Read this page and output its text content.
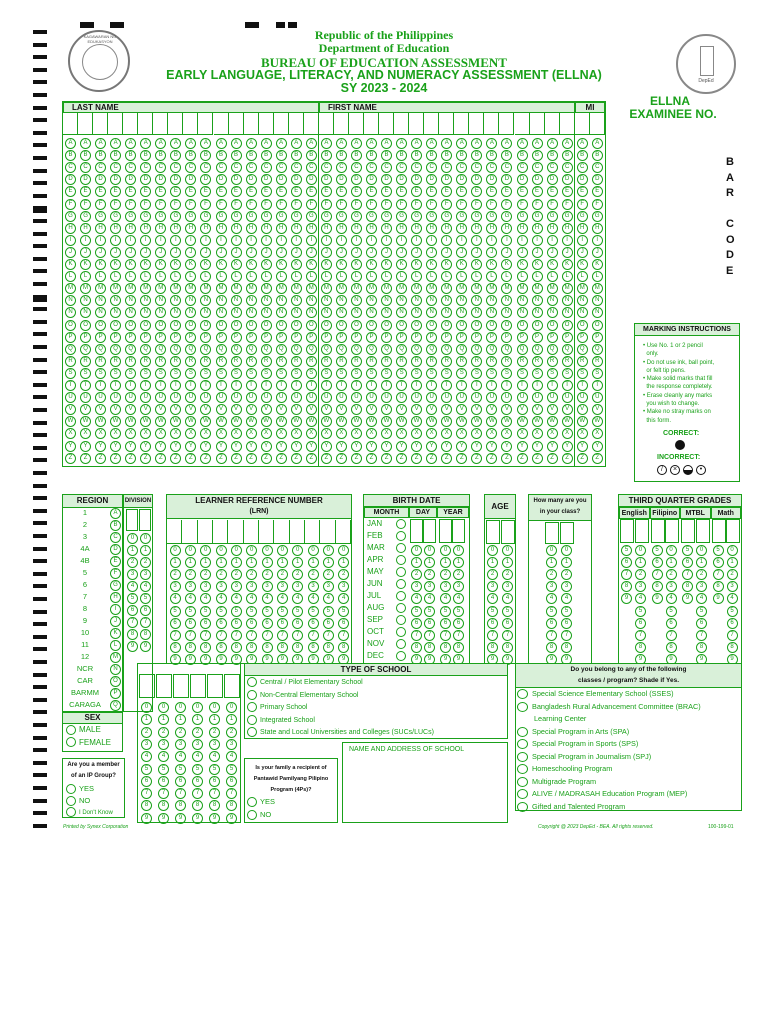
KAGAWARAN NG EDUKASYON
DepEd
Republic of the Philippines
Department of Education
BUREAU OF EDUCATION ASSESSMENT
EARLY LANGUAGE, LITERACY, AND NUMERACY ASSESSMENT (ELLNA)
SY 2023 - 2024
LAST NAME	FIRST NAME	MI
A
B
C
D
E
F
G
H
I
J
K
L
M
N
Ñ
O
P
Q
R
S
T
U
V
W
X
Y
Z
A
B
C
D
E
F
G
H
I
J
K
L
M
N
Ñ
O
P
Q
R
S
T
U
V
W
X
Y
Z
A
B
C
D
E
F
G
H
I
J
K
L
M
N
Ñ
O
P
Q
R
S
T
U
V
W
X
Y
Z
A
B
C
D
E
F
G
H
I
J
K
L
M
N
Ñ
O
P
Q
R
S
T
U
V
W
X
Y
Z
A
B
C
D
E
F
G
H
I
J
K
L
M
N
Ñ
O
P
Q
R
S
T
U
V
W
X
Y
Z
A
B
C
D
E
F
G
H
I
J
K
L
M
N
Ñ
O
P
Q
R
S
T
U
V
W
X
Y
Z
A
B
C
D
E
F
G
H
I
J
K
L
M
N
Ñ
O
P
Q
R
S
T
U
V
W
X
Y
Z
A
B
C
D
E
F
G
H
I
J
K
L
M
N
Ñ
O
P
Q
R
S
T
U
V
W
X
Y
Z
A
B
C
D
E
F
G
H
I
J
K
L
M
N
Ñ
O
P
Q
R
S
T
U
V
W
X
Y
Z
A
B
C
D
E
F
G
H
I
J
K
L
M
N
Ñ
O
P
Q
R
S
T
U
V
W
X
Y
Z
A
B
C
D
E
F
G
H
I
J
K
L
M
N
Ñ
O
P
Q
R
S
T
U
V
W
X
Y
Z
A
B
C
D
E
F
G
H
I
J
K
L
M
N
Ñ
O
P
Q
R
S
T
U
V
W
X
Y
Z
A
B
C
D
E
F
G
H
I
J
K
L
M
N
Ñ
O
P
Q
R
S
T
U
V
W
X
Y
Z
A
B
C
D
E
F
G
H
I
J
K
L
M
N
Ñ
O
P
Q
R
S
T
U
V
W
X
Y
Z
A
B
C
D
E
F
G
H
I
J
K
L
M
N
Ñ
O
P
Q
R
S
T
U
V
W
X
Y
Z
A
B
C
D
E
F
G
H
I
J
K
L
M
N
Ñ
O
P
Q
R
S
T
U
V
W
X
Y
Z
A
B
C
D
E
F
G
H
I
J
K
L
M
N
Ñ
O
P
Q
R
S
T
U
V
W
X
Y
Z
A
B
C
D
E
F
G
H
I
J
K
L
M
N
Ñ
O
P
Q
R
S
T
U
V
W
X
Y
Z
A
B
C
D
E
F
G
H
I
J
K
L
M
N
Ñ
O
P
Q
R
S
T
U
V
W
X
Y
Z
A
B
C
D
E
F
G
H
I
J
K
L
M
N
Ñ
O
P
Q
R
S
T
U
V
W
X
Y
Z
A
B
C
D
E
F
G
H
I
J
K
L
M
N
Ñ
O
P
Q
R
S
T
U
V
W
X
Y
Z
A
B
C
D
E
F
G
H
I
J
K
L
M
N
Ñ
O
P
Q
R
S
T
U
V
W
X
Y
Z
A
B
C
D
E
F
G
H
I
J
K
L
M
N
Ñ
O
P
Q
R
S
T
U
V
W
X
Y
Z
A
B
C
D
E
F
G
H
I
J
K
L
M
N
Ñ
O
P
Q
R
S
T
U
V
W
X
Y
Z
A
B
C
D
E
F
G
H
I
J
K
L
M
N
Ñ
O
P
Q
R
S
T
U
V
W
X
Y
Z
A
B
C
D
E
F
G
H
I
J
K
L
M
N
Ñ
O
P
Q
R
S
T
U
V
W
X
Y
Z
A
B
C
D
E
F
G
H
I
J
K
L
M
N
Ñ
O
P
Q
R
S
T
U
V
W
X
Y
Z
A
B
C
D
E
F
G
H
I
J
K
L
M
N
Ñ
O
P
Q
R
S
T
U
V
W
X
Y
Z
A
B
C
D
E
F
G
H
I
J
K
L
M
N
Ñ
O
P
Q
R
S
T
U
V
W
X
Y
Z
A
B
C
D
E
F
G
H
I
J
K
L
M
N
Ñ
O
P
Q
R
S
T
U
V
W
X
Y
Z
A
B
C
D
E
F
G
H
I
J
K
L
M
N
Ñ
O
P
Q
R
S
T
U
V
W
X
Y
Z
A
B
C
D
E
F
G
H
I
J
K
L
M
N
Ñ
O
P
Q
R
S
T
U
V
W
X
Y
Z
A
B
C
D
E
F
G
H
I
J
K
L
M
N
Ñ
O
P
Q
R
S
T
U
V
W
X
Y
Z
A
B
C
D
E
F
G
H
I
J
K
L
M
N
Ñ
O
P
Q
R
S
T
U
V
W
X
Y
Z
A
B
C
D
E
F
G
H
I
J
K
L
M
N
Ñ
O
P
Q
R
S
T
U
V
W
X
Y
Z
A
B
C
D
E
F
G
H
I
J
K
L
M
N
Ñ
O
P
Q
R
S
T
U
V
W
X
Y
Z
ELLNA
EXAMINEE NO.
B
A
R
C
O
D
E
MARKING INSTRUCTIONS
• Use No. 1 or 2 pencil
only.
• Do not use ink, ball point,
or felt tip pens.
• Make solid marks that fill
the response completely.
• Erase cleanly any marks
you wish to change.
• Make no stray marks on
this form.
CORRECT:
INCORRECT:
/	×	•
REGION
1	A
2	B
3	C
4A	D
4B	E
5	F
6	G
7	H
8	I
9	J
10	K
11	L
12	M
NCR	N
CAR	O
BARMM	P
CARAGA	Q
DIVISION
0
1
2
3
4
5
6
7
8
9
0
1
2
3
4
5
6
7
8
9
LEARNER REFERENCE NUMBER
(LRN)
0
1
2
3
4
5
6
7
8
9
0
1
2
3
4
5
6
7
8
9
0
1
2
3
4
5
6
7
8
9
0
1
2
3
4
5
6
7
8
9
0
1
2
3
4
5
6
7
8
9
0
1
2
3
4
5
6
7
8
9
0
1
2
3
4
5
6
7
8
9
0
1
2
3
4
5
6
7
8
9
0
1
2
3
4
5
6
7
8
9
0
1
2
3
4
5
6
7
8
9
0
1
2
3
4
5
6
7
8
9
0
1
2
3
4
5
6
7
8
9
BIRTH DATE
MONTH	DAY	YEAR
JAN
FEB
MAR
APR
MAY
JUN
JUL
AUG
SEP
OCT
NOV
DEC
0
1
2
3
4
5
6
7
8
9
0
1
2
3
4
5
6
7
8
9
0
1
2
3
4
5
6
7
8
9
0
1
2
3
4
5
6
7
8
9
AGE
0
1
2
3
4
5
6
7
8
9
0
1
2
3
4
5
6
7
8
9
How many are you
in your class?
0
1
2
3
4
5
6
7
8
9
0
1
2
3
4
5
6
7
8
9
THIRD QUARTER GRADES
English Filipino	MTBL	Math
5
6
7
8
9
0
1
2
3
4
5
6
7
8
9
5
6
7
8
9
0
1
2
3
4
5
6
7
8
9
5
6
7
8
9
0
1
2
3
4
5
6
7
8
9
5
6
7
8
9
0
1
2
3
4
5
6
7
8
9
SEX
MALE
FEMALE
Are you a member
of an IP Group?
YES
NO
I Don't Know
0
1
2
3
4
5
6
7
8
9
0
1
2
3
4
5
6
7
8
9
0
1
2
3
4
5
6
7
8
9
0
1
2
3
4
5
6
7
8
9
0
1
2
3
4
5
6
7
8
9
0
1
2
3
4
5
6
7
8
9
TYPE OF SCHOOL
Central / Pilot Elementary School
Non-Central Elementary School
Primary School
Integrated School
State and Local Universities and Colleges (SUCs/LUCs)
Is your family a recipient of
Pantawid Pamilyang Pilipino
Program (4Ps)?
YES
NO
NAME AND ADDRESS OF SCHOOL
Do you belong to any of the following
classes / program? Shade if Yes.
Special Science Elementary School (SSES)
Bangladesh Rural Advancement Committee (BRAC)
Learning Center
Special Program in Arts (SPA)
Special Program in Sports (SPS)
Special Program in Journalism (SPJ)
Homeschooling Program
Multigrade Program
ALIVE / MADRASAH Education Program (MEP)
Gifted and Talented Program
Printed by Synex Corporation	Copyright @ 2023 DepEd - BEA. All rights reserved.	100-199-01
